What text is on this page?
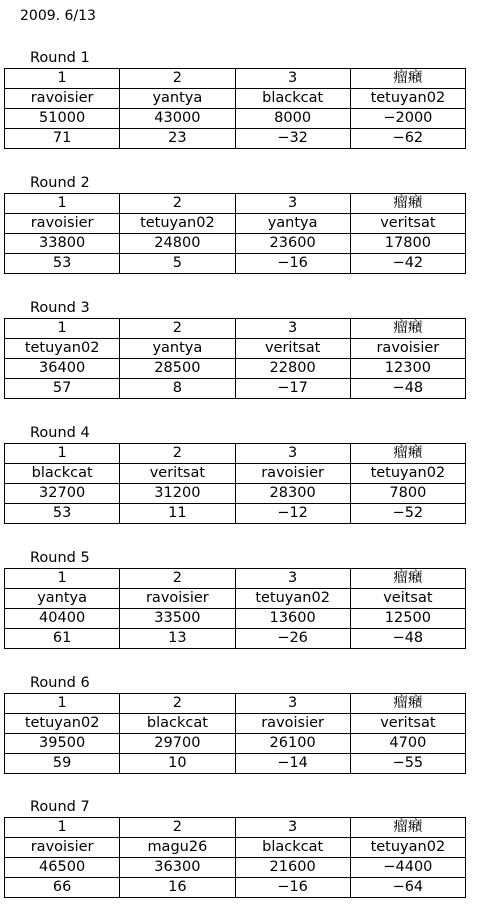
2009. 6/13
Round 1
1	2	3	瘤癪
ravoisier	yantya	blackcat	tetuyan02
51000	43000	8000	−2000
71	23	−32	−62
Round 2
1	2	3	瘤癪
ravoisier	tetuyan02	yantya	veritsat
33800	24800	23600	17800
53	5	−16	−42
Round 3
1	2	3	瘤癪
tetuyan02	yantya	veritsat	ravoisier
36400	28500	22800	12300
57	8	−17	−48
Round 4
1	2	3	瘤癪
blackcat	veritsat	ravoisier	tetuyan02
32700	31200	28300	7800
53	11	−12	−52
Round 5
1	2	3	瘤癪
yantya	ravoisier	tetuyan02	veitsat
40400	33500	13600	12500
61	13	−26	−48
Round 6
1	2	3	瘤癪
tetuyan02	blackcat	ravoisier	veritsat
39500	29700	26100	4700
59	10	−14	−55
Round 7
1	2	3	瘤癪
ravoisier	magu26	blackcat	tetuyan02
46500	36300	21600	−4400
66	16	−16	−64
